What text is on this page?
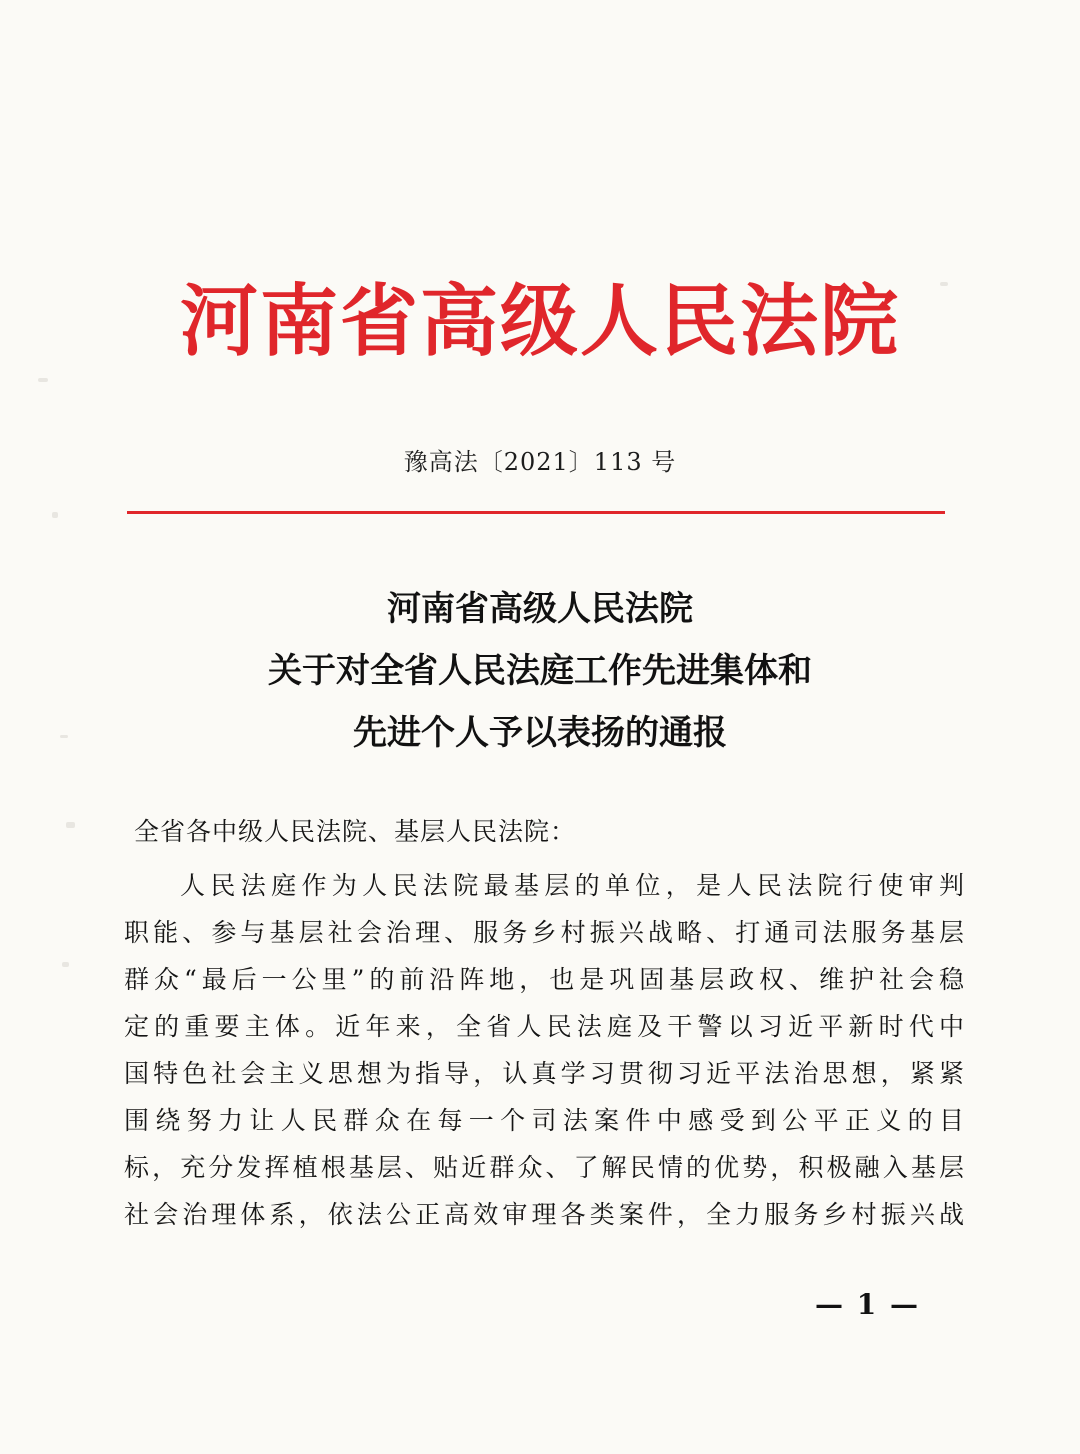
河南省高级人民法院
豫高法〔2021〕113 号
河南省高级人民法院
关于对全省人民法庭工作先进集体和
先进个人予以表扬的通报
全省各中级人民法院、基层人民法院：
人民法庭作为人民法院最基层的单位，是人民法院行使审判
职能、参与基层社会治理、服务乡村振兴战略、打通司法服务基层
群众“最后一公里”的前沿阵地，也是巩固基层政权、维护社会稳
定的重要主体。近年来，全省人民法庭及干警以习近平新时代中
国特色社会主义思想为指导，认真学习贯彻习近平法治思想，紧紧
围绕努力让人民群众在每一个司法案件中感受到公平正义的目
标，充分发挥植根基层、贴近群众、了解民情的优势，积极融入基层
社会治理体系，依法公正高效审理各类案件，全力服务乡村振兴战
— 1 —
